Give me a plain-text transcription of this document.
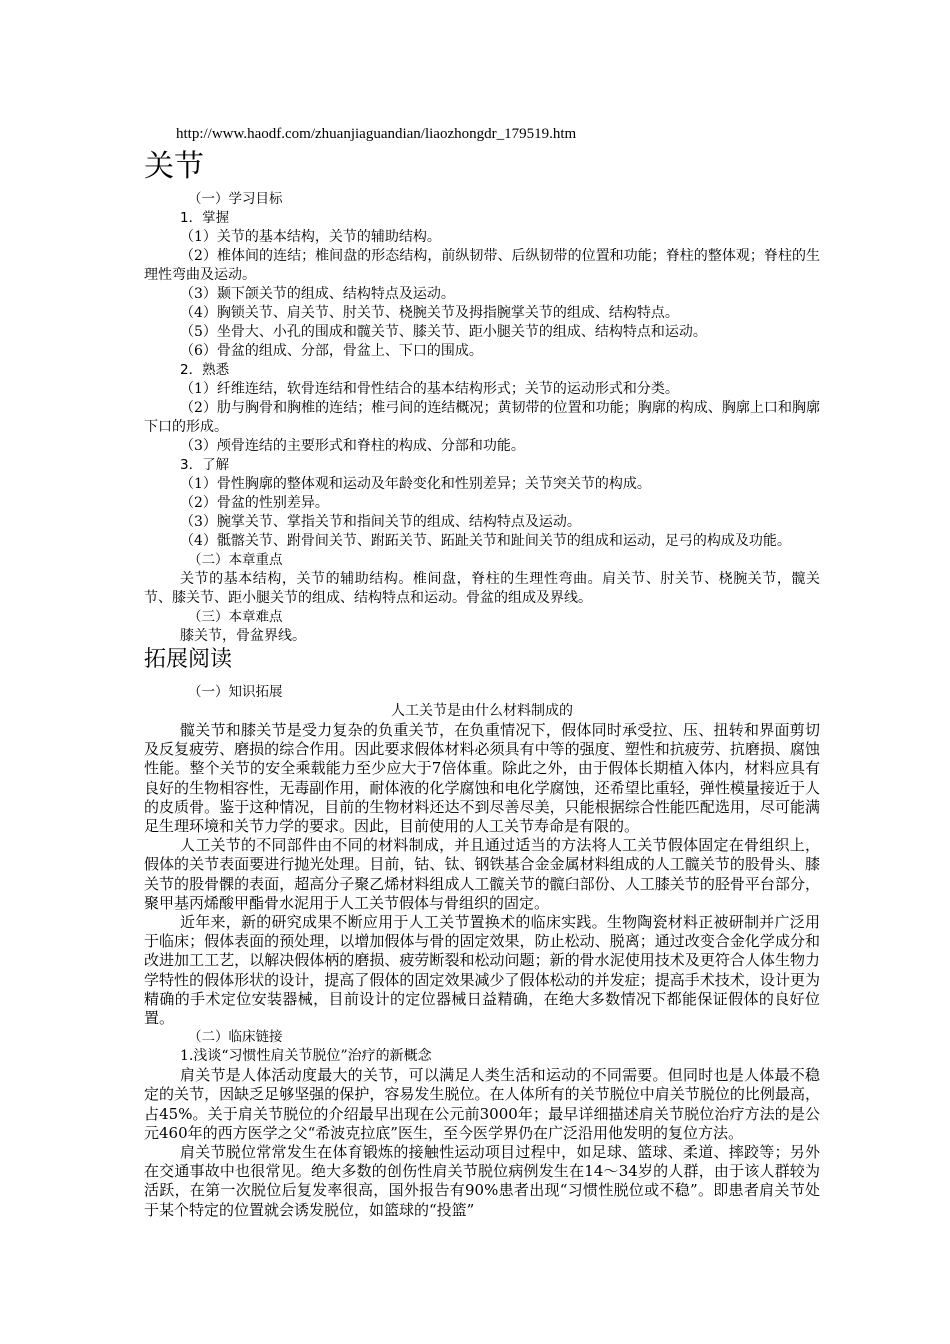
http://www.haodf.com/zhuanjiaguandian/liaozhongdr_179519.htm
关节
（一）学习目标
1．掌握
（1）关节的基本结构，关节的辅助结构。
（2）椎体间的连结；椎间盘的形态结构，前纵韧带、后纵韧带的位置和功能；脊柱的整体观；脊柱的生理性弯曲及运动。
（3）颞下颌关节的组成、结构特点及运动。
（4）胸锁关节、肩关节、肘关节、桡腕关节及拇指腕掌关节的组成、结构特点。
（5）坐骨大、小孔的围成和髋关节、膝关节、距小腿关节的组成、结构特点和运动。
（6）骨盆的组成、分部，骨盆上、下口的围成。
2．熟悉
（1）纤维连结，软骨连结和骨性结合的基本结构形式；关节的运动形式和分类。
（2）肋与胸骨和胸椎的连结；椎弓间的连结概况；黄韧带的位置和功能；胸廓的构成、胸廓上口和胸廓下口的形成。
（3）颅骨连结的主要形式和脊柱的构成、分部和功能。
3．了解
（1）骨性胸廓的整体观和运动及年龄变化和性别差异；关节突关节的构成。
（2）骨盆的性别差异。
（3）腕掌关节、掌指关节和指间关节的组成、结构特点及运动。
（4）骶髂关节、跗骨间关节、跗跖关节、跖趾关节和趾间关节的组成和运动，足弓的构成及功能。
（二）本章重点
关节的基本结构，关节的辅助结构。椎间盘，脊柱的生理性弯曲。肩关节、肘关节、桡腕关节，髋关节、膝关节、距小腿关节的组成、结构特点和运动。骨盆的组成及界线。
（三）本章难点
膝关节，骨盆界线。
拓展阅读
（一）知识拓展
人工关节是由什么材料制成的
髋关节和膝关节是受力复杂的负重关节，在负重情况下，假体同时承受拉、压、扭转和界面剪切及反复疲劳、磨损的综合作用。因此要求假体材料必须具有中等的强度、塑性和抗疲劳、抗磨损、腐蚀性能。整个关节的安全乘载能力至少应大于7倍体重。除此之外，由于假体长期植入体内，材料应具有良好的生物相容性，无毒副作用，耐体液的化学腐蚀和电化学腐蚀，还希望比重轻，弹性模量接近于人的皮质骨。鉴于这种情况，目前的生物材料还达不到尽善尽美，只能根据综合性能匹配选用，尽可能满足生理环境和关节力学的要求。因此，目前使用的人工关节寿命是有限的。
人工关节的不同部件由不同的材料制成，并且通过适当的方法将人工关节假体固定在骨组织上，假体的关节表面要进行抛光处理。目前，钴、钛、钢铁基合金金属材料组成的人工髋关节的股骨头、膝关节的股骨髁的表面，超高分子聚乙烯材料组成人工髋关节的髋臼部份、人工膝关节的胫骨平台部分，聚甲基丙烯酸甲酯骨水泥用于人工关节假体与骨组织的固定。
近年来，新的研究成果不断应用于人工关节置换术的临床实践。生物陶瓷材料正被研制并广泛用于临床；假体表面的预处理，以增加假体与骨的固定效果，防止松动、脱离；通过改变合金化学成分和改进加工工艺，以解决假体柄的磨损、疲劳断裂和松动问题；新的骨水泥使用技术及更符合人体生物力学特性的假体形状的设计，提高了假体的固定效果减少了假体松动的并发症；提高手术技术，设计更为精确的手术定位安装器械，目前设计的定位器械日益精确，在绝大多数情况下都能保证假体的良好位置。
（二）临床链接
1.浅谈“习惯性肩关节脱位”治疗的新概念
肩关节是人体活动度最大的关节，可以满足人类生活和运动的不同需要。但同时也是人体最不稳定的关节，因缺乏足够坚强的保护，容易发生脱位。在人体所有的关节脱位中肩关节脱位的比例最高，占45%。关于肩关节脱位的介绍最早出现在公元前3000年；最早详细描述肩关节脱位治疗方法的是公元460年的西方医学之父“希波克拉底”医生，至今医学界仍在广泛沿用他发明的复位方法。
肩关节脱位常常发生在体育锻炼的接触性运动项目过程中，如足球、篮球、柔道、摔跤等；另外在交通事故中也很常见。绝大多数的创伤性肩关节脱位病例发生在14～34岁的人群，由于该人群较为活跃，在第一次脱位后复发率很高，国外报告有90%患者出现“习惯性脱位或不稳”。即患者肩关节处于某个特定的位置就会诱发脱位，如篮球的“投篮”
